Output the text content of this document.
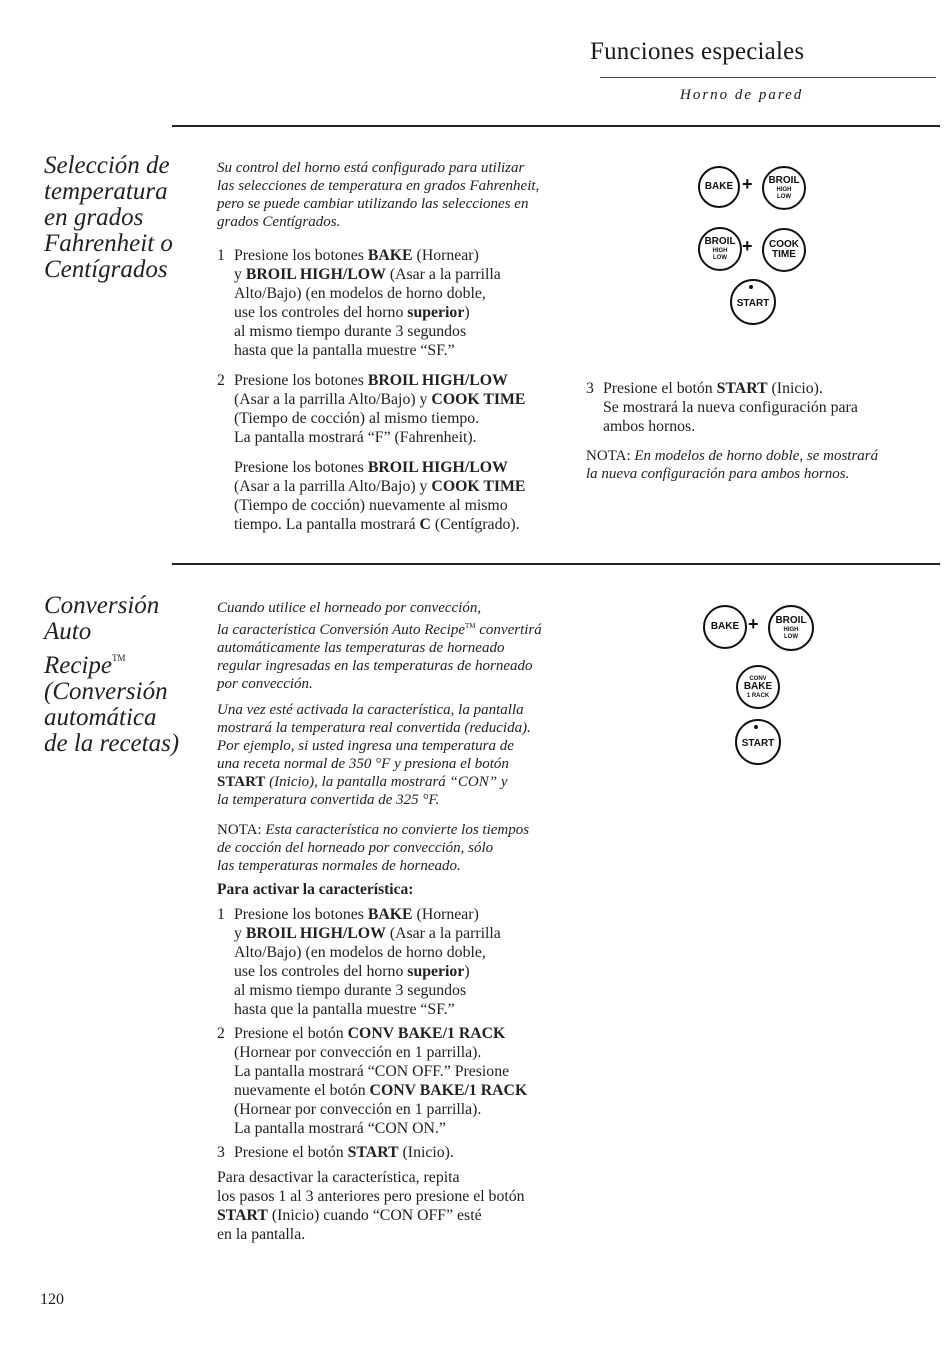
Funciones especiales
Horno de pared
Selección de
temperatura
en grados
Fahrenheit o
Centígrados
Su control del horno está configurado para utilizar
las selecciones de temperatura en grados Fahrenheit,
pero se puede cambiar utilizando las selecciones en
grados Centígrados.
1 Presione los botones BAKE (Hornear)
y BROIL HIGH/LOW (Asar a la parrilla
Alto/Bajo) (en modelos de horno doble,
use los controles del horno superior)
al mismo tiempo durante 3 segundos
hasta que la pantalla muestre “SF.”
2 Presione los botones BROIL HIGH/LOW
(Asar a la parrilla Alto/Bajo) y COOK TIME
(Tiempo de cocción) al mismo tiempo.
La pantalla mostrará “F” (Fahrenheit).
Presione los botones BROIL HIGH/LOW
(Asar a la parrilla Alto/Bajo) y COOK TIME
(Tiempo de cocción) nuevamente al mismo
tiempo. La pantalla mostrará C (Centígrado).
3 Presione el botón START (Inicio).
Se mostrará la nueva configuración para
ambos hornos.
NOTA: En modelos de horno doble, se mostrará
la nueva configuración para ambos hornos.
BAKE + BROIL
HIGH
LOW
BROIL
HIGH
LOW
+ COOK
TIME
START
Conversión
Auto
Recipe™
(Conversión
automática
de la recetas)
Cuando utilice el horneado por convección,
la característica Conversión Auto Recipe™ convertirá
automáticamente las temperaturas de horneado
regular ingresadas en las temperaturas de horneado
por convección.
Una vez esté activada la característica, la pantalla
mostrará la temperatura real convertida (reducida).
Por ejemplo, si usted ingresa una temperatura de
una receta normal de 350 °F y presiona el botón
START (Inicio), la pantalla mostrará “CON” y
la temperatura convertida de 325 °F.
NOTA: Esta característica no convierte los tiempos
de cocción del horneado por convección, sólo
las temperaturas normales de horneado.
Para activar la característica:
1 Presione los botones BAKE (Hornear)
y BROIL HIGH/LOW (Asar a la parrilla
Alto/Bajo) (en modelos de horno doble,
use los controles del horno superior)
al mismo tiempo durante 3 segundos
hasta que la pantalla muestre “SF.”
2 Presione el botón CONV BAKE/1 RACK
(Hornear por convección en 1 parrilla).
La pantalla mostrará “CON OFF.” Presione
nuevamente el botón CONV BAKE/1 RACK
(Hornear por convección en 1 parrilla).
La pantalla mostrará “CON ON.”
3 Presione el botón START (Inicio).
Para desactivar la característica, repita
los pasos 1 al 3 anteriores pero presione el botón
START (Inicio) cuando “CON OFF” esté
en la pantalla.
BAKE + BROIL
HIGH
LOW
CONV
BAKE
1 RACK
START
120
